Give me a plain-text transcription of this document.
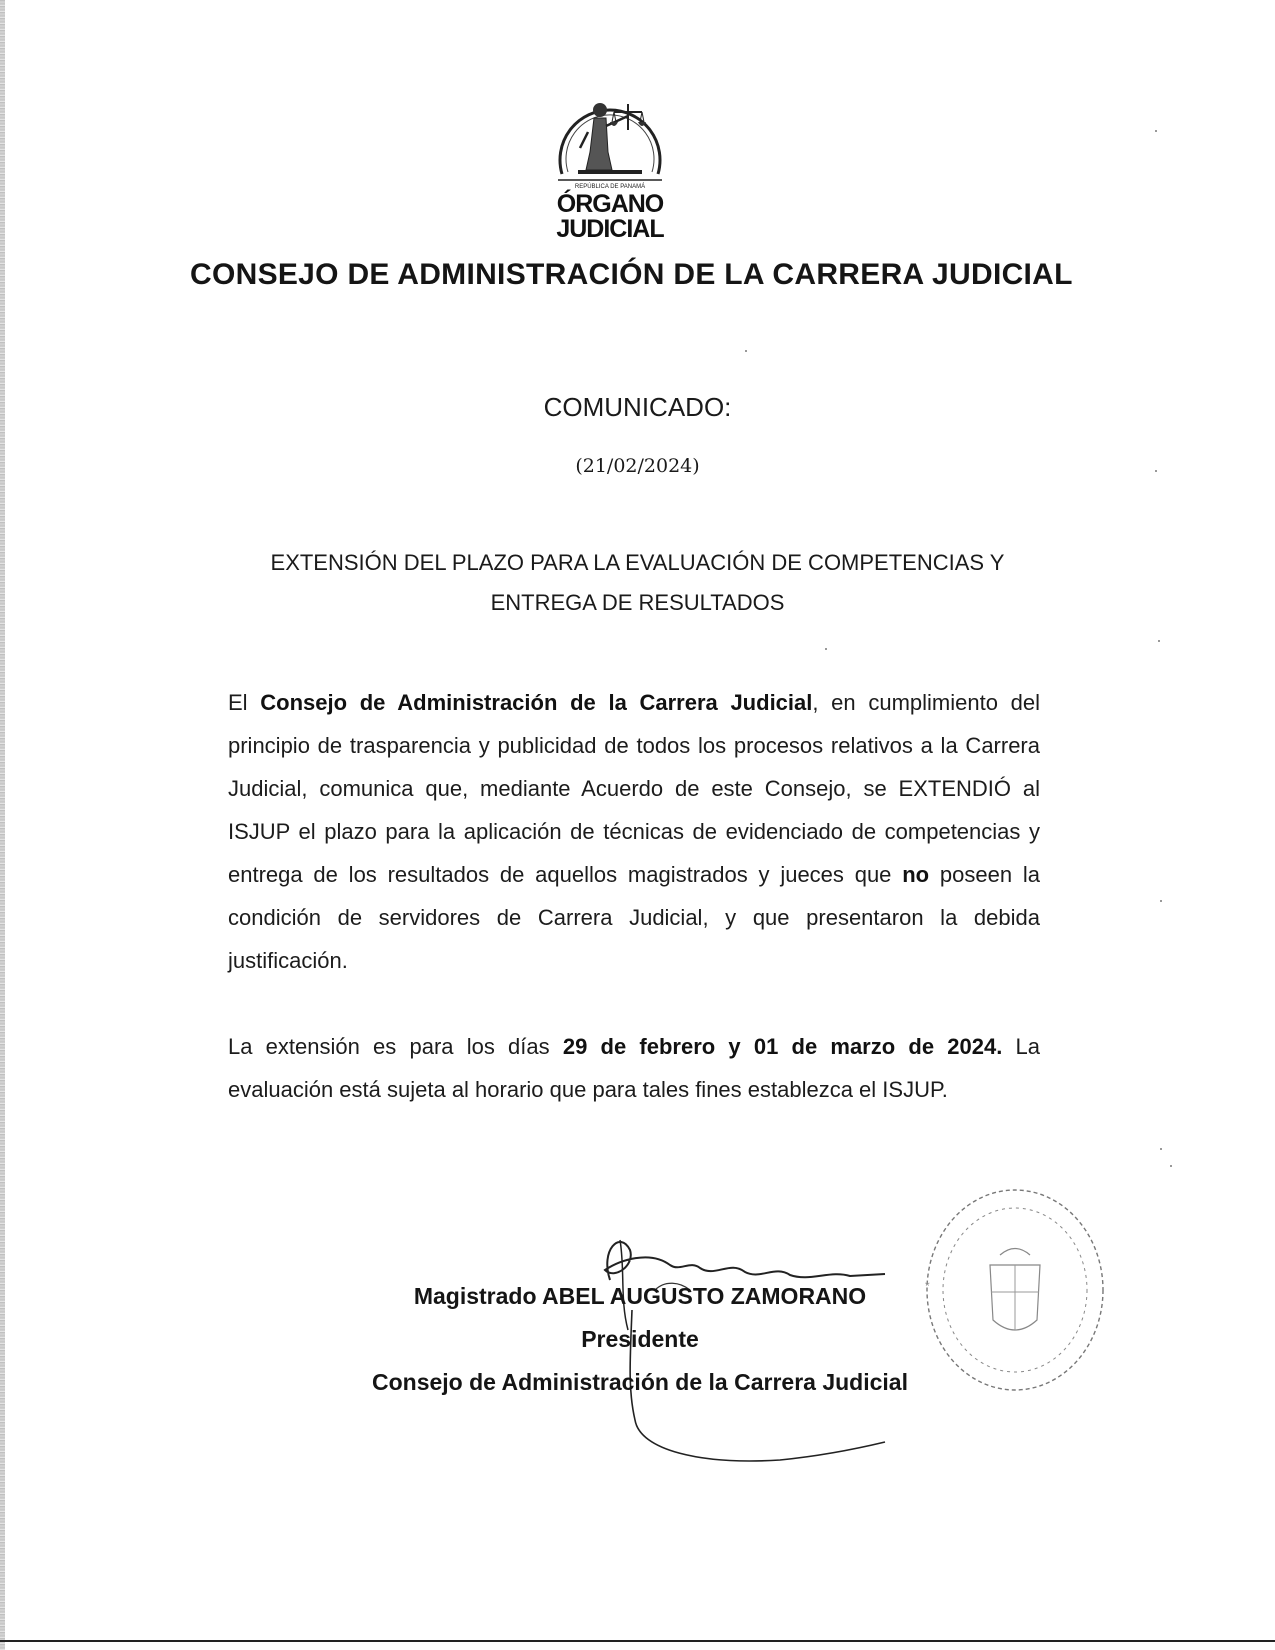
REPÚBLICA DE PANAMÁ
ÓRGANO
JUDICIAL
CONSEJO DE ADMINISTRACIÓN DE LA CARRERA JUDICIAL
COMUNICADO:
(21/02/2024)
EXTENSIÓN DEL PLAZO PARA LA EVALUACIÓN DE COMPETENCIAS Y
ENTREGA DE RESULTADOS
El Consejo de Administración de la Carrera Judicial, en cumplimiento del principio de trasparencia y publicidad de todos los procesos relativos a la Carrera Judicial, comunica que, mediante Acuerdo de este Consejo, se EXTENDIÓ al ISJUP el plazo para la aplicación de técnicas de evidenciado de competencias y entrega de los resultados de aquellos magistrados y jueces que no poseen la condición de servidores de Carrera Judicial, y que presentaron la debida justificación.
La extensión es para los días 29 de febrero y 01 de marzo de 2024. La evaluación está sujeta al horario que para tales fines establezca el ISJUP.
Magistrado ABEL AUGUSTO ZAMORANO
Presidente
Consejo de Administración de la Carrera Judicial
*
